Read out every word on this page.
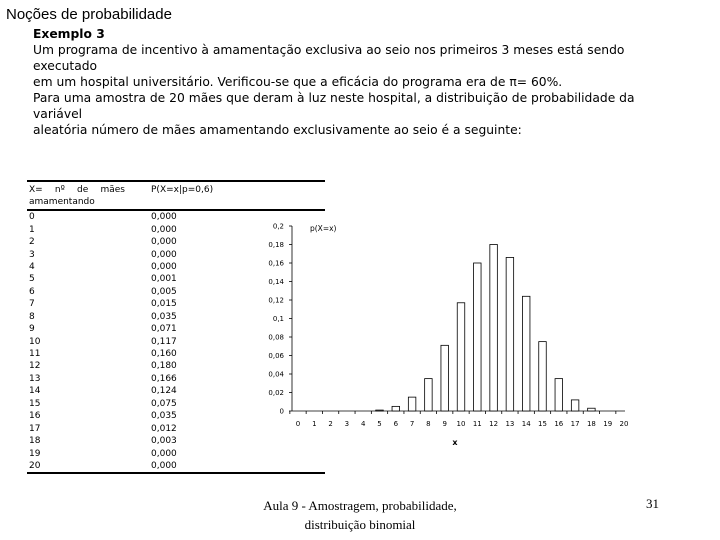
Noções de probabilidade
Exemplo 3

Um programa de incentivo à amamentação exclusiva ao seio nos primeiros 3 meses está sendo executado

em um hospital universitário. Verificou-se que a eficácia do programa era de π= 60%.

Para uma amostra de 20 mães que deram à luz neste hospital, a distribuição de probabilidade da variável

aleatória número de mães amamentando exclusivamente ao seio é a seguinte:

X= nº de mães
amamentando	P(X=x|p=0,6)
0	0,000
1	0,000
2	0,000
3	0,000
4	0,000
5	0,001
6	0,005
7	0,015
8	0,035
9	0,071
10	0,117
11	0,160
12	0,180
13	0,166
14	0,124
15	0,075
16	0,035
17	0,012
18	0,003
19	0,000
20	0,000
0
0,02
0,04
0,06
0,08
0,1
0,12
0,14
0,16
0,18
0,2
0 1 2 3 4 5 6 7 8 9 10 11 12 13 14 15 16 17 18 19 20
p(X=x)
x
Aula 9 - Amostragem, probabilidade,
distribuição binomial
31
